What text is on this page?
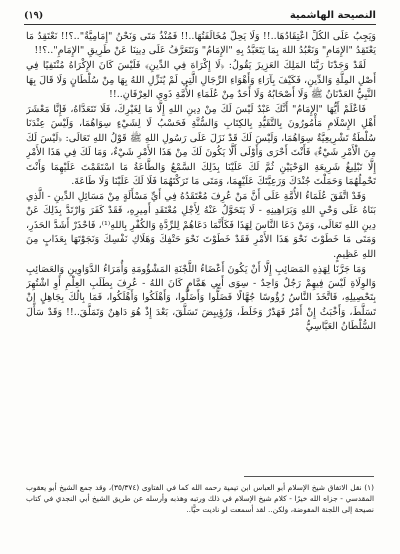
(١٩)	النصيحة الهاشمية

وَيَجِبُ عَلَى الكُلِّ اعْتِقَادُهَا..!! وَلَا يَحِلُّ مُخَالَفَتُهَا..!! فَمُنْذُ مَتَى وَنَحْنُ "إِمَامِيَّةٌ"..؟!! نَعْتَقِدُ مَا يَعْتَقِدُ "الإِمَامِ" وَنَعْبُدُ اللهَ بِمَا يَتَعَبَّدُ بِهِ "الإِمَامُ" وَنَتَعَرَّفُ عَلَى دِينِنَا عَنْ طَرِيقِ "الإِمَامِ"..؟!!

لَقَدْ وَجَدْنَا رَبَّنَا المَلِكَ العَزِيزَ يَقُولُ: ﴿لَا إِكْرَاهَ فِي الدِّينِ﴾ فَلَيْسَ كَانَ الإِكْرَاهُ مُنْتَفِيًا فِي أَصْلِ المِلَّةِ وَالدِّينِ، فَكَيْفَ بِآرَاءِ وَأَهْوَاءِ الرِّجَالِ الَّتِي لَمْ يُنَزِّلِ اللهُ بِهَا مِنْ سُلْطَانٍ وَلَا قَالَ بِهَا النَّبِيُّ العَدْنَانُ ﷺ وَلَا أَصْحَابُهُ وَلَا أَحَدٌ مِنْ عُلَمَاءِ الأُمَّةِ ذَوِي العِرْفَانِ..!!

فَاعْلَمْ أَيُّهَا "الإِمَامُ" أَنَّكَ عَبْدٌ لَيْسَ لَكَ مِنْ دِينِ اللهِ إِلَّا مَا لِغَيْرِكَ، فَلَا تَتَعَدَّاهُ، فَإِنَّا مَعْشَرَ أَهْلِ الإِسْلَامِ مَأْمُورُونَ بِالتَّقَيُّدِ بِالكِتَابِ وَالسُّنَّةِ فَحَسْبُ لَا لِشَيْءٍ سِوَاهُمَا، وَلَيْسَ عِنْدَنَا سُلْطَةٌ تَشْرِيعِيَّةٌ سِوَاهُمَا، وَلَيْسَ لَكَ قَدْ نَزَلَ عَلَى رَسُولِ اللهِ ﷺ قَوْلُ اللهِ تَعَالَى: ﴿لَيْسَ لَكَ مِنَ الْأَمْرِ شَيْءٌ﴾ فَأَنْتَ أَحْرَى وَأَوْلَى أَلَّا يَكُونَ لَكَ مِنْ هَذَا الأَمْرِ شَيْءٌ، وَمَا لَكَ فِي هَذَا الأَمْرِ إِلَّا تَبْلِيغُ شَرِيعَةِ الوَحْيَيْنِ ثُمَّ لَكَ عَلَيْنَا بِذَلِكَ السَّمْعُ وَالطَّاعَةُ مَا اسْتَقَمْتَ عَلَيْهِمَا وَأَنْتَ تَحْمِلُهُمَا وَحَمَلْتَ جُنْدَكَ وَرَعِيَّتَكَ عَلَيْهِمَا، وَمَتَى مَا تَرَكْتَهُمَا فَلَا لَكَ عَلَيْنَا وَلَا طَاعَةَ.

وَقَدْ اتَّفَقَ عُلَمَاءُ الأُمَّةِ عَلَى أَنَّ مَنْ عُرِفَ مُعْتَقَدُهُ فِي أَيِّ مَسْأَلَةٍ مِنْ مَسَائِلِ الدِّينِ - الَّذِي بَنَاهُ عَلَى وَحْيِ اللهِ وَبَرَاهِينِهِ - لَا يَتَحَوَّلُ عَنْهُ لِأَجْلِ مُعْتَقَدِ أَمِيرِهِ، فَقَدْ كَفَرَ وَارْتَدَّ بِذَلِكَ عَنْ دِينِ اللهِ تَعَالَى، وَمَنْ دَعَا النَّاسَ لِهَذَا فَكَأَنَّمَا دَعَاهُمْ لِلرِّدَّةِ وَالكُفْرِ بِاللهِ⁽¹⁾، فَاحْذَرْ أَشَدَّ الحَذَرِ، وَمَتَى مَا خَطَوْتَ نَحْوَ هَذَا الأَمْرِ فَقَدْ خَطَوْتَ نَحْوَ حَتْفِكَ وَهَلَاكِ نَفْسِكَ وَنَجَوْتَهَا بِعَذَابٍ مِنَ اللهِ عَظِيمٍ.

وَمَا جَرَّنَا لِهَذِهِ المَصَائِبِ إِلَّا أَنْ يَكُونَ أَعْضَاءُ اللَّجْنَةِ المَشْؤُومَةِ وَأُمَرَاءُ الدَّوَاوِينِ وَالعَصَائِبِ وَالوِلَاةِ لَيْسَ فِيهِمْ رَجُلٌ وَاحِدٌ - سِوَى أَبِي هَمَّامٍ كَانَ اللهُ - عُرِفَ بِطَلَبِ العِلْمِ أَوِ اشْتُهِرَ بِتَحْصِيلِهِ، فَاتَّخَذَ النَّاسُ رُؤُوسًا جُهَّالًا فَضَلُّوا وَأَضَلُّوا، وَأَهْلَكُوا وَأَهْلَكُوا، فَمَا بِالُكَ بِجَاهِلٍ إِنْ تَسَلَّطَ، وَأَخْبَثُ إِنْ أَمْرُ فَهَدْرٌ وَخَلَطَ، وَرُؤِيبِضَ تَسَلَّقَ، بَعْدَ إِذْ هُوَ دَاهِنٌ وَتَمَلَّقَ..!! وَقَدْ سَأَلَ السُّلْطَانُ العَبَّاسِيُّ

(١) نقل الاتفاق شيخ الإسلام أبو العباس ابن تيمية رحمه الله كما في الفتاوى (٣٥/٣٧٤)، وقد جمع الشيخ أبو يعقوب المقدسي - جزاه الله خيرًا - كلام شيخ الإسلام في ذلك ورتبه وهذبه وأرسله عن طريق الشيخ أبي النجدي في كتاب نصيحة إلى اللجنة المفوضة، ولكن.. لقد أسمعت لو ناديت حيًّا..
